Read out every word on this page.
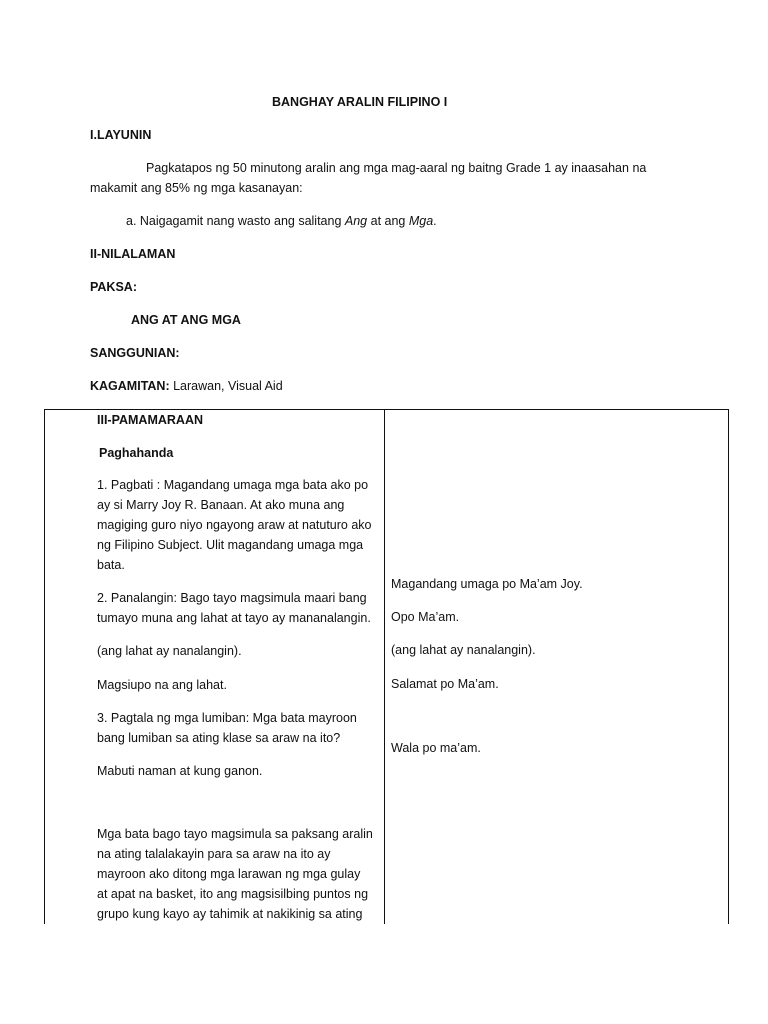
BANGHAY ARALIN FILIPINO I
I.LAYUNIN
Pagkatapos ng 50 minutong aralin ang mga mag-aaral ng baitng Grade 1 ay inaasahan na
makamit ang 85% ng mga kasanayan:
a. Naigagamit nang wasto ang salitang Ang at ang Mga.
II-NILALAMAN
PAKSA:
ANG AT ANG MGA
SANGGUNIAN:
KAGAMITAN: Larawan, Visual Aid
III-PAMAMARAAN
Paghahanda
1. Pagbati : Magandang umaga mga bata ako po
ay si Marry Joy R. Banaan. At ako muna ang
magiging guro niyo ngayong araw at natuturo ako
ng Filipino Subject. Ulit magandang umaga mga
bata.
2. Panalangin: Bago tayo magsimula maari bang
tumayo muna ang lahat at tayo ay mananalangin.
(ang lahat ay nanalangin).
Magsiupo na ang lahat.
3. Pagtala ng mga lumiban: Mga bata mayroon
bang lumiban sa ating klase sa araw na ito?
Mabuti naman at kung ganon.
Mga bata bago tayo magsimula sa paksang aralin
na ating talalakayin para sa araw na ito ay
mayroon ako ditong mga larawan ng mga gulay
at apat na basket, ito ang magsisilbing puntos ng
grupo kung kayo ay tahimik at nakikinig sa ating
Magandang umaga po Ma’am Joy.
Opo Ma’am.
(ang lahat ay nanalangin).
Salamat po Ma’am.
Wala po ma’am.
